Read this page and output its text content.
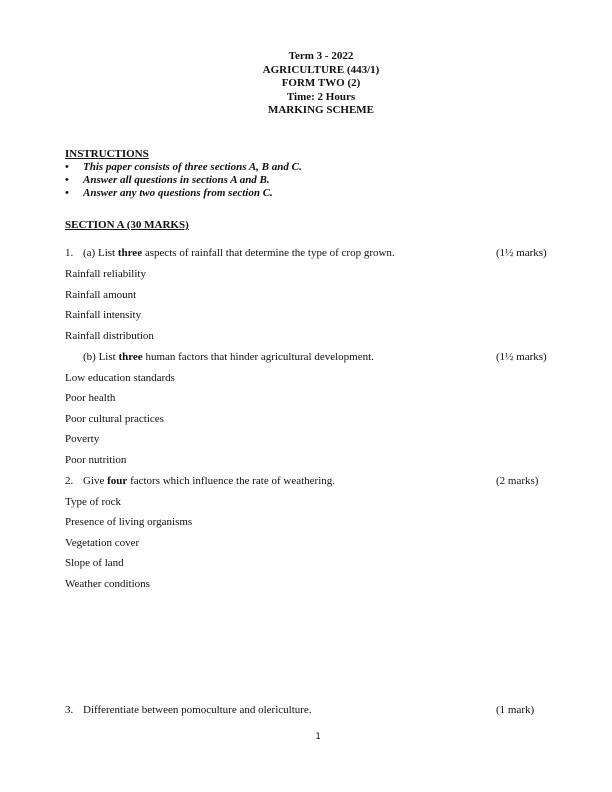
Term 3 - 2022
AGRICULTURE (443/1)
FORM TWO (2)
Time: 2 Hours
MARKING SCHEME
INSTRUCTIONS
• This paper consists of three sections A, B and C.
• Answer all questions in sections A and B.
• Answer any two questions from section C.
SECTION A (30 MARKS)
1. (a) List three aspects of rainfall that determine the type of crop grown.	(1½ marks)
Rainfall reliability
Rainfall amount
Rainfall intensity
Rainfall distribution
(b) List three human factors that hinder agricultural development.	(1½ marks)
Low education standards
Poor health
Poor cultural practices
Poverty
Poor nutrition
2. Give four factors which influence the rate of weathering.	(2 marks)
Type of rock
Presence of living organisms
Vegetation cover
Slope of land
Weather conditions
3. Differentiate between pomoculture and olericulture.	(1 mark)
1
